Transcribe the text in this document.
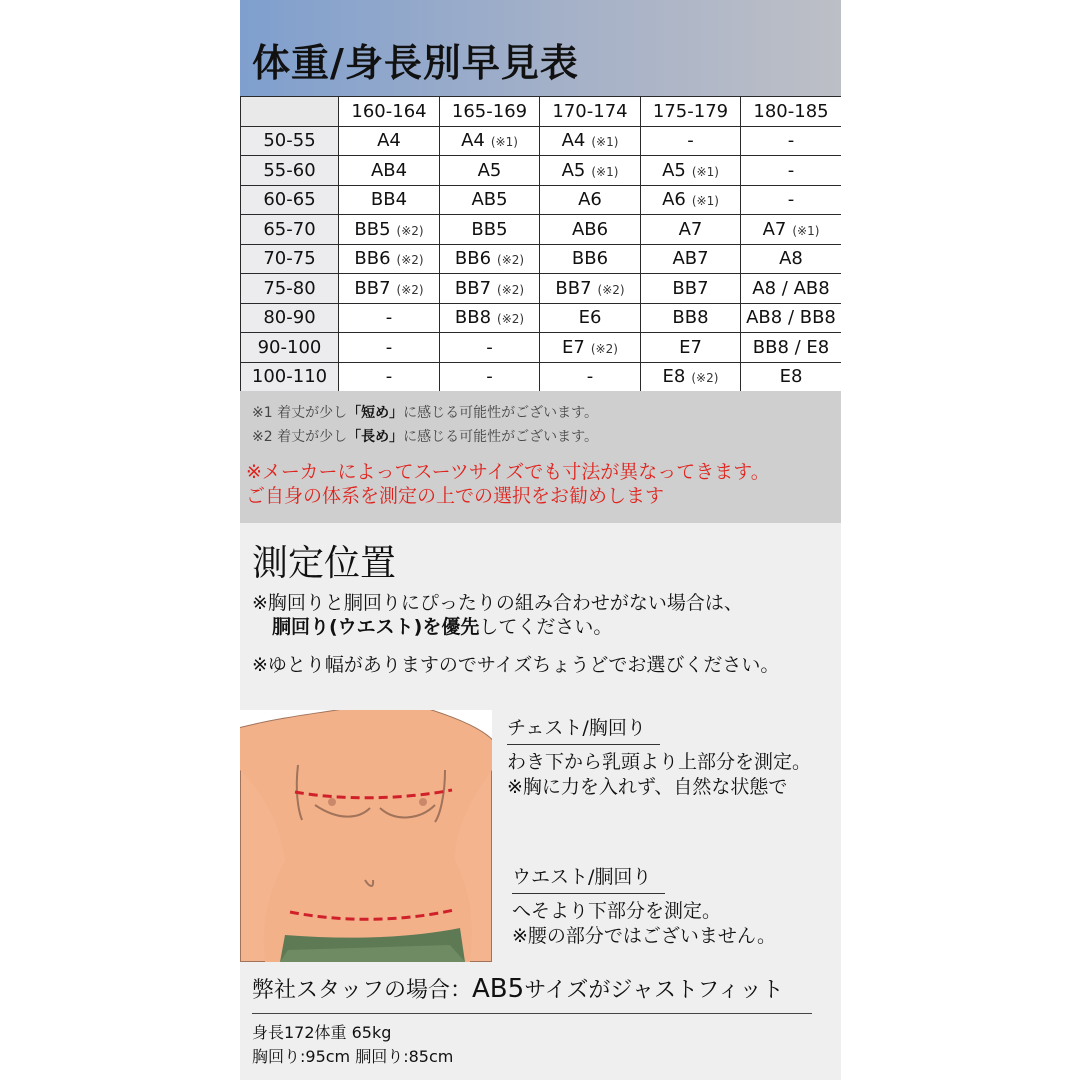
体重/身長別早見表
	160-164	165-169	170-174	175-179	180-185
50-55	A4	A4 (※1)	A4 (※1)	-	-
55-60	AB4	A5	A5 (※1)	A5 (※1)	-
60-65	BB4	AB5	A6	A6 (※1)	-
65-70	BB5 (※2)	BB5	AB6	A7	A7 (※1)
70-75	BB6 (※2)	BB6 (※2)	BB6	AB7	A8
75-80	BB7 (※2)	BB7 (※2)	BB7 (※2)	BB7	A8 / AB8
80-90	-	BB8 (※2)	E6	BB8	AB8 / BB8
90-100	-	-	E7 (※2)	E7	BB8 / E8
100-110	-	-	-	E8 (※2)	E8
※1 着丈が少し「短め」に感じる可能性がございます。
※2 着丈が少し「長め」に感じる可能性がございます。
※メーカーによってスーツサイズでも寸法が異なってきます。
ご自身の体系を測定の上での選択をお勧めします
測定位置
※胸回りと胴回りにぴったりの組み合わせがない場合は、
胴回り(ウエスト)を優先してください。
※ゆとり幅がありますのでサイズちょうどでお選びください。
チェスト/胸回り
わき下から乳頭より上部分を測定。
※胸に力を入れず、自然な状態で
ウエスト/胴回り
へそより下部分を測定。
※腰の部分ではございません。
弊社スタッフの場合：AB5サイズがジャストフィット
身長172体重 65kg
胸回り:95cm 胴回り:85cm
